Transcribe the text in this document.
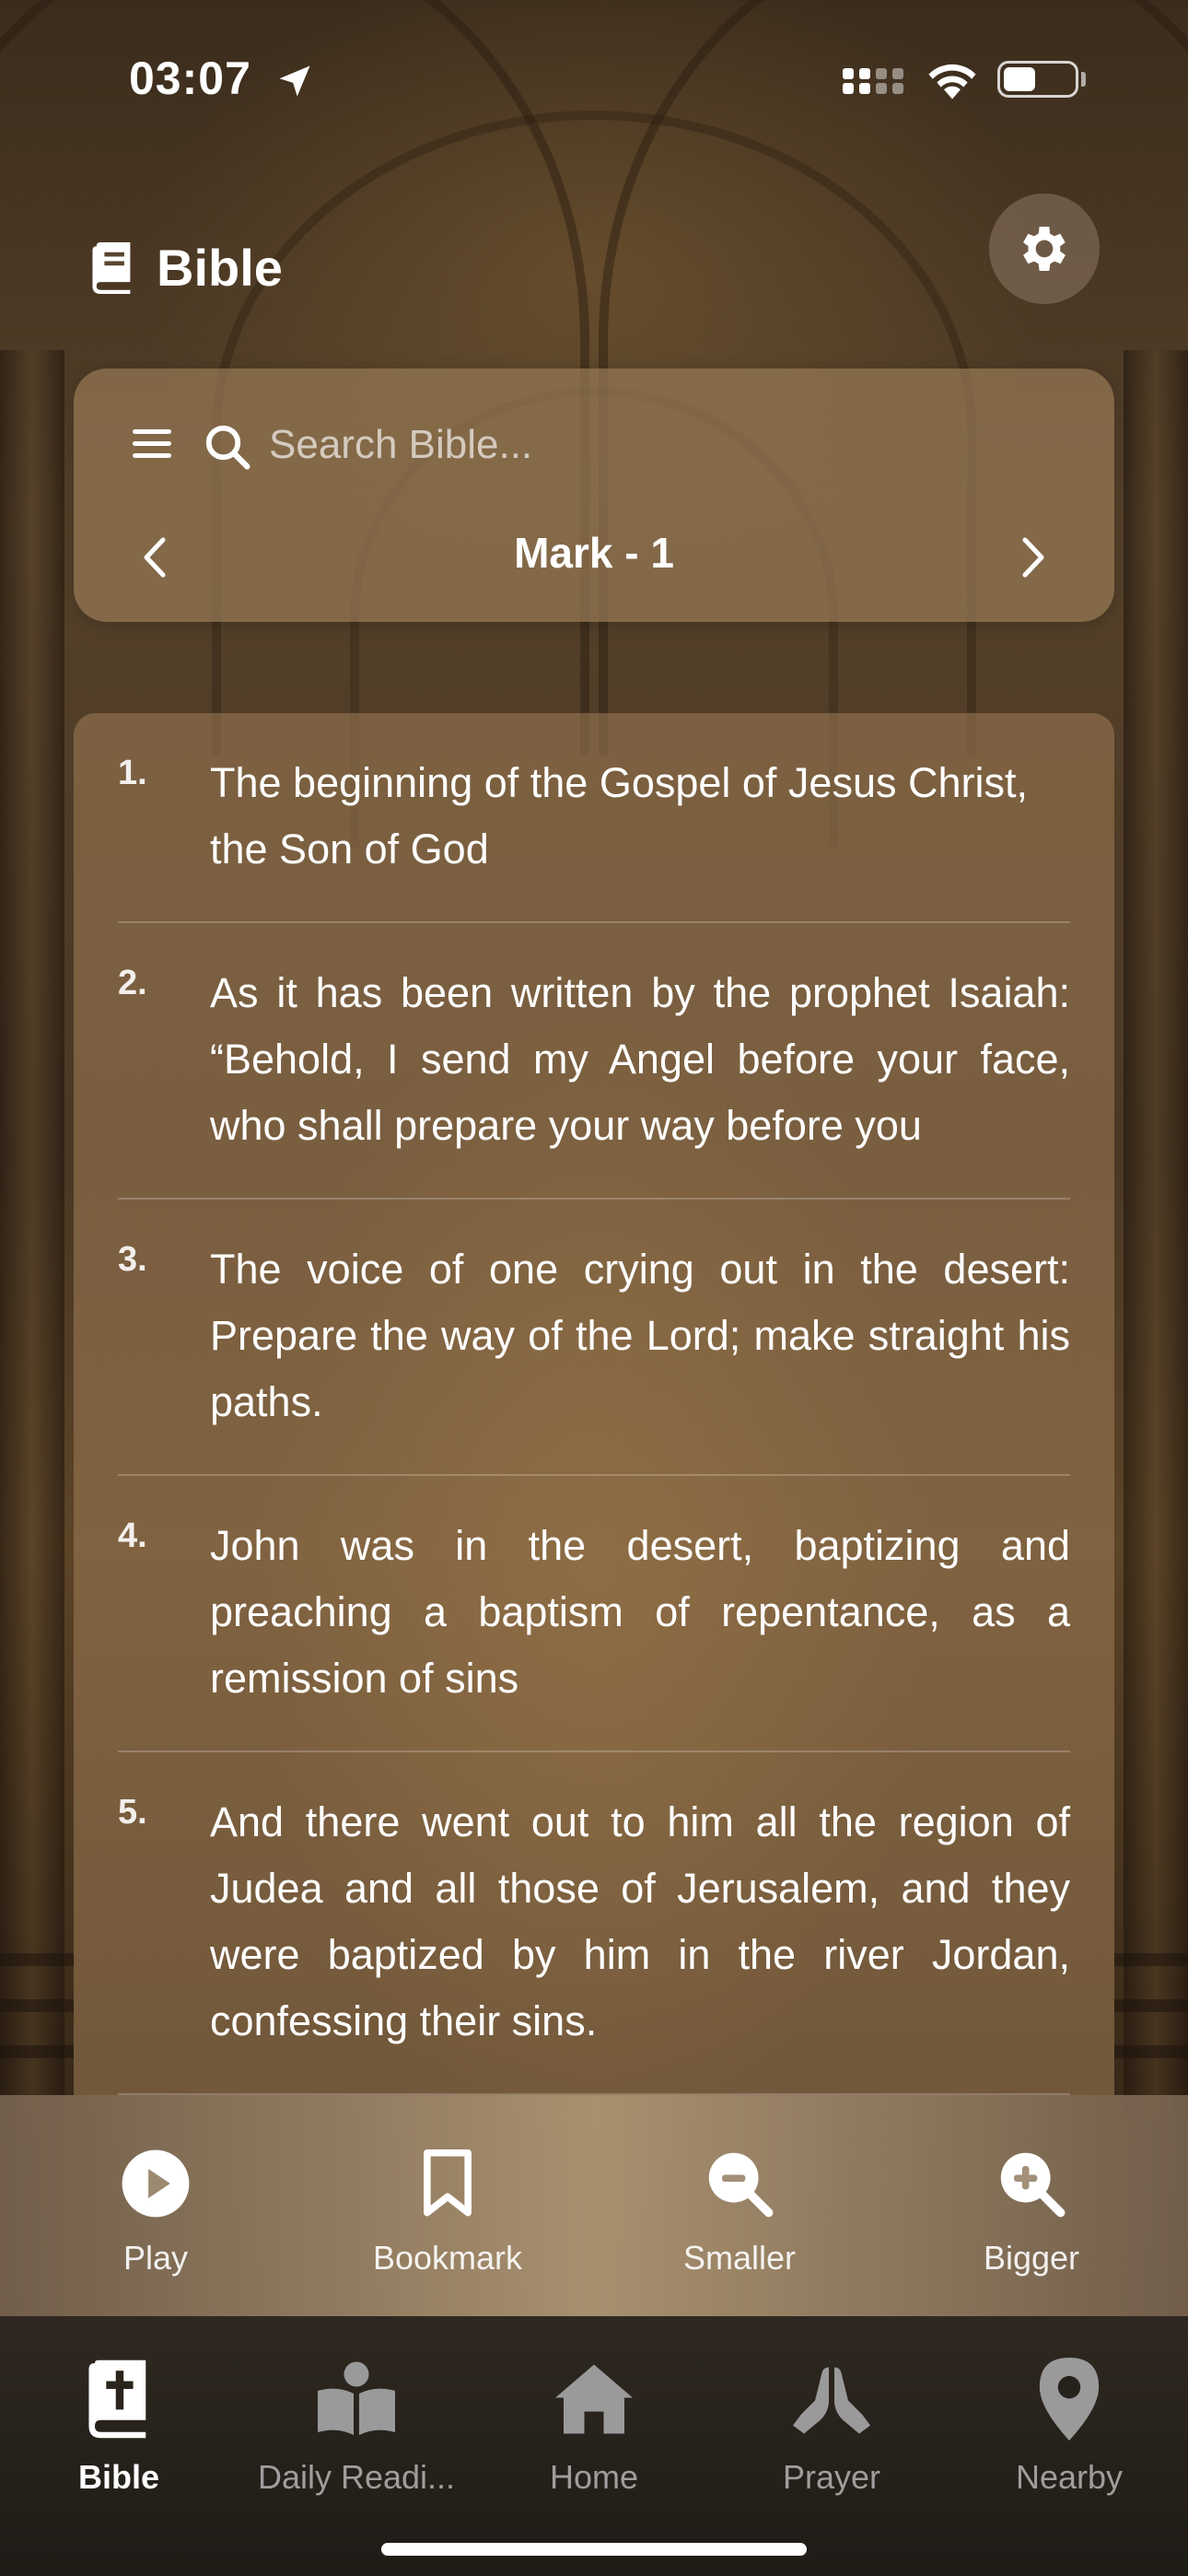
03:07
Bible
Search Bible...
Mark - 1
1.	The beginning of the Gospel of Jesus Christ, the Son of God
2.	As it has been written by the prophet Isaiah: “Behold, I send my Angel before your face, who shall prepare your way before you
3.	The voice of one crying out in the desert: Prepare the way of the Lord; make straight his paths.
4.	John was in the desert, baptizing and preaching a baptism of repentance, as a remission of sins
5.	And there went out to him all the region of Judea and all those of Jerusalem, and they were baptized by him in the river Jordan, confessing their sins.
Play	Bookmark	Smaller	Bigger
Bible	Daily Readi...	Home	Prayer	Nearby
